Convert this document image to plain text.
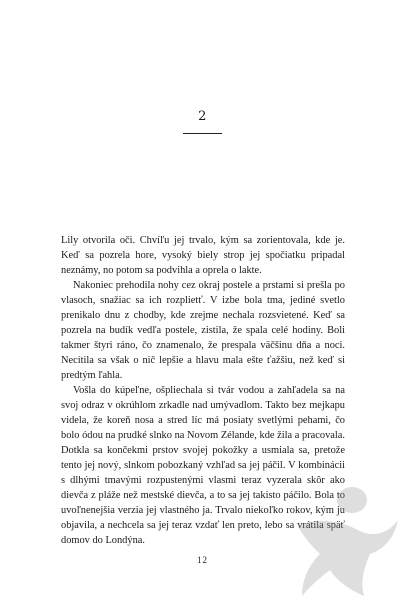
2

Lily otvorila oči. Chvíľu jej trvalo, kým sa zorientovala, kde je. Keď sa pozrela hore, vysoký biely strop jej spočiatku pripadal neznámy, no potom sa podvihla a oprela o lakte.

Nakoniec prehodila nohy cez okraj postele a prstami si prešla po vlasoch, snažiac sa ich rozplietť. V izbe bola tma, jediné svetlo prenikalo dnu z chodby, kde zrejme nechala rozsvietené. Keď sa pozrela na budík vedľa postele, zistila, že spala celé hodiny. Boli takmer štyri ráno, čo znamenalo, že prespala väčšinu dňa a noci. Necítila sa však o nič lepšie a hlavu mala ešte ťažšiu, než keď si predtým ľahla.

Vošla do kúpeľne, ošpliechala si tvár vodou a zahľadela sa na svoj odraz v okrúhlom zrkadle nad umývadlom. Takto bez mejkapu videla, že koreň nosa a stred líc má posiaty svetlými pehami, čo bolo ódou na prudké slnko na Novom Zélande, kde žila a pracovala. Dotkla sa končekmi prstov svojej pokožky a usmiala sa, pretože tento jej nový, slnkom pobozkaný vzhľad sa jej páčil. V kombinácii s dlhými tmavými rozpustenými vlasmi teraz vyzerala skôr ako dievča z pláže než mestské dievča, a to sa jej takisto páčilo. Bola to uvoľnenejšia verzia jej vlastného ja. Trvalo niekoľko rokov, kým ju objavila, a nechcela sa jej teraz vzdať len preto, lebo sa vrátila späť domov do Londýna.

12
